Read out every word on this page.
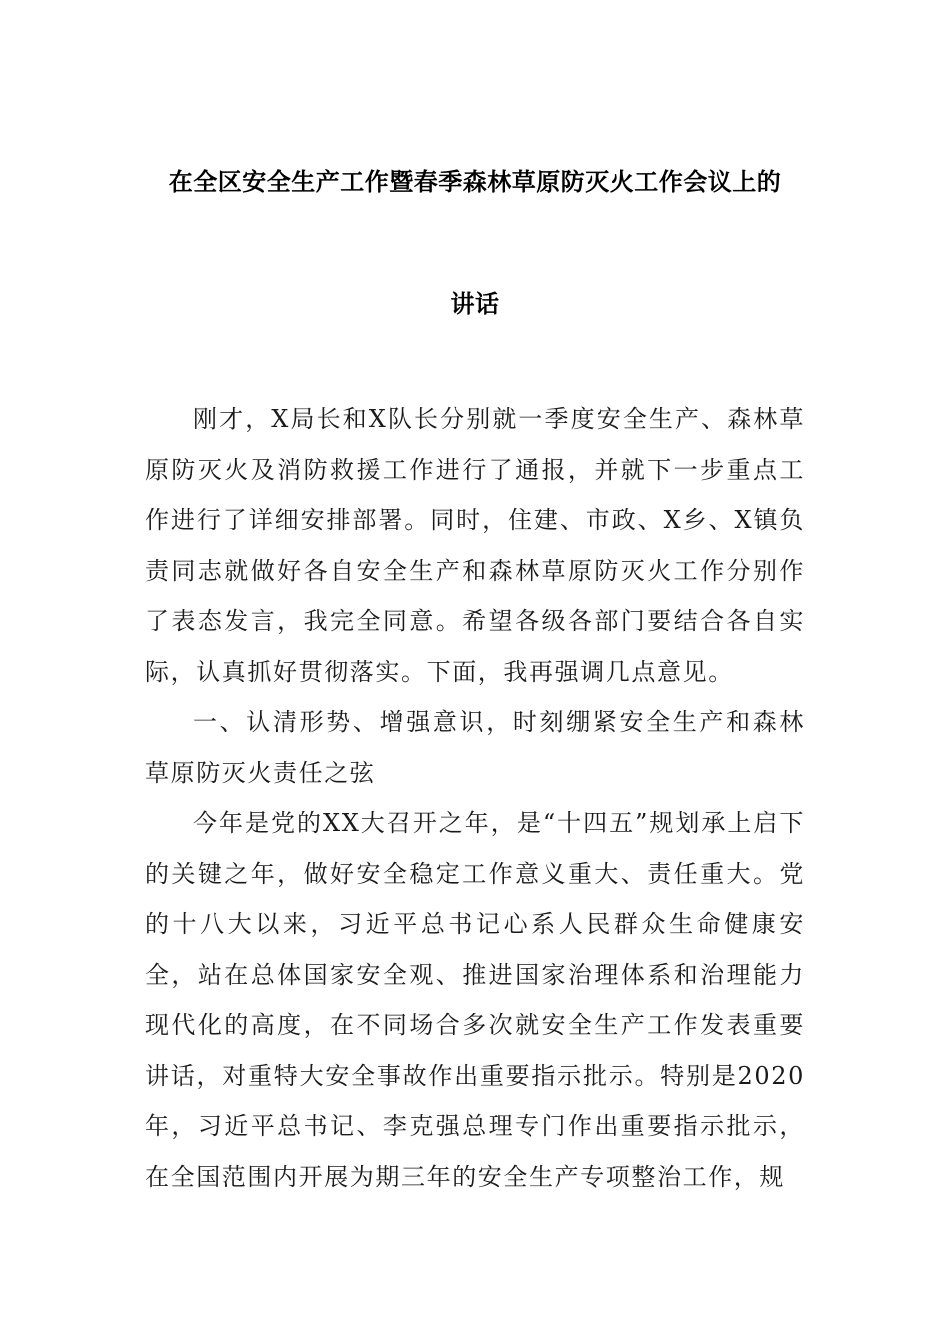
在全区安全生产工作暨春季森林草原防灭火工作会议上的
讲话

刚才，X局长和X队长分别就一季度安全生产、森林草原防灭火及消防救援工作进行了通报，并就下一步重点工作进行了详细安排部署。同时，住建、市政、X乡、X镇负责同志就做好各自安全生产和森林草原防灭火工作分别作了表态发言，我完全同意。希望各级各部门要结合各自实际，认真抓好贯彻落实。下面，我再强调几点意见。

一、认清形势、增强意识，时刻绷紧安全生产和森林草原防灭火责任之弦

今年是党的XX大召开之年，是“十四五”规划承上启下的关键之年，做好安全稳定工作意义重大、责任重大。党的十八大以来，习近平总书记心系人民群众生命健康安全，站在总体国家安全观、推进国家治理体系和治理能力现代化的高度，在不同场合多次就安全生产工作发表重要讲话，对重特大安全事故作出重要指示批示。特别是2020年，习近平总书记、李克强总理专门作出重要指示批示，在全国范围内开展为期三年的安全生产专项整治工作，规
